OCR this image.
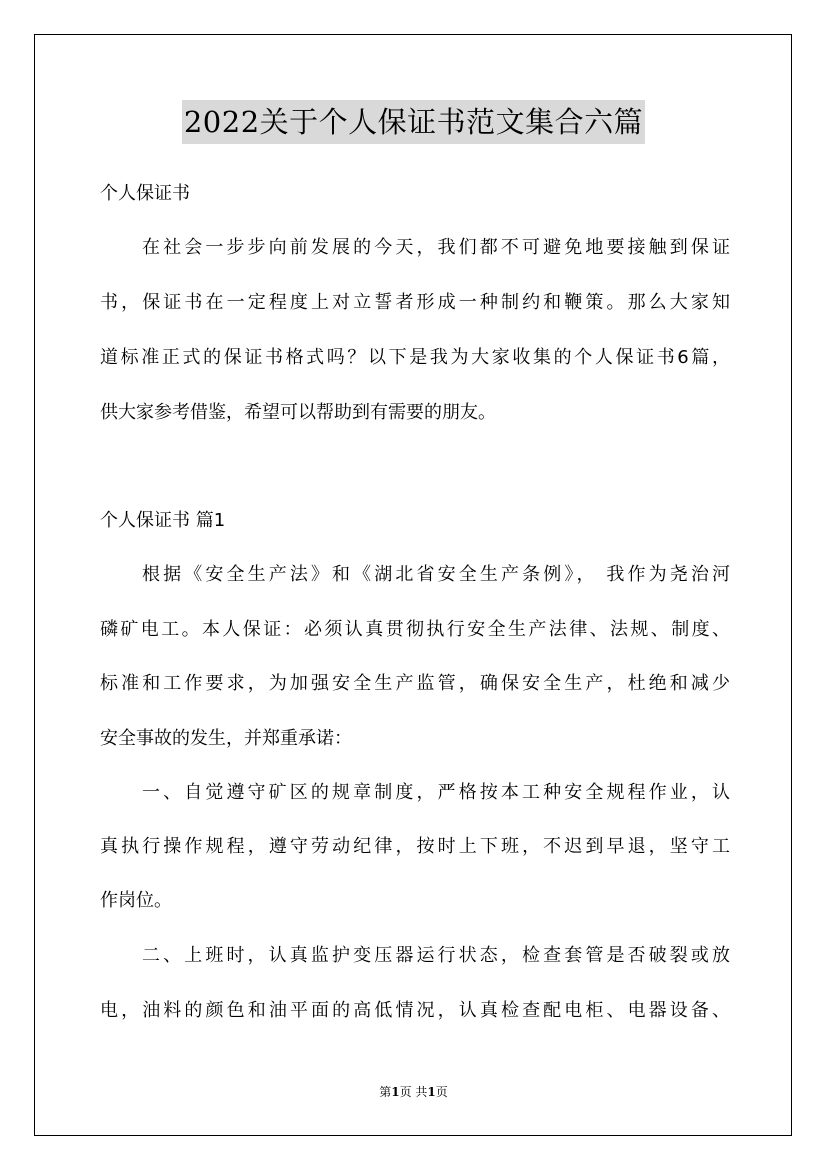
2022关于个人保证书范文集合六篇
个人保证书
在社会一步步向前发展的今天，我们都不可避免地要接触到保证
书，保证书在一定程度上对立誓者形成一种制约和鞭策。那么大家知
道标准正式的保证书格式吗？以下是我为大家收集的个人保证书6篇，
供大家参考借鉴，希望可以帮助到有需要的朋友。
个人保证书 篇1
根据《安全生产法》和《湖北省安全生产条例》， 我作为尧治河
磷矿电工。本人保证：必须认真贯彻执行安全生产法律、法规、制度、
标准和工作要求，为加强安全生产监管，确保安全生产，杜绝和减少
安全事故的发生，并郑重承诺：
一、自觉遵守矿区的规章制度，严格按本工种安全规程作业，认
真执行操作规程，遵守劳动纪律，按时上下班，不迟到早退，坚守工
作岗位。
二、上班时，认真监护变压器运行状态，检查套管是否破裂或放
电，油料的颜色和油平面的高低情况，认真检查配电柜、电器设备、
第1页 共1页
